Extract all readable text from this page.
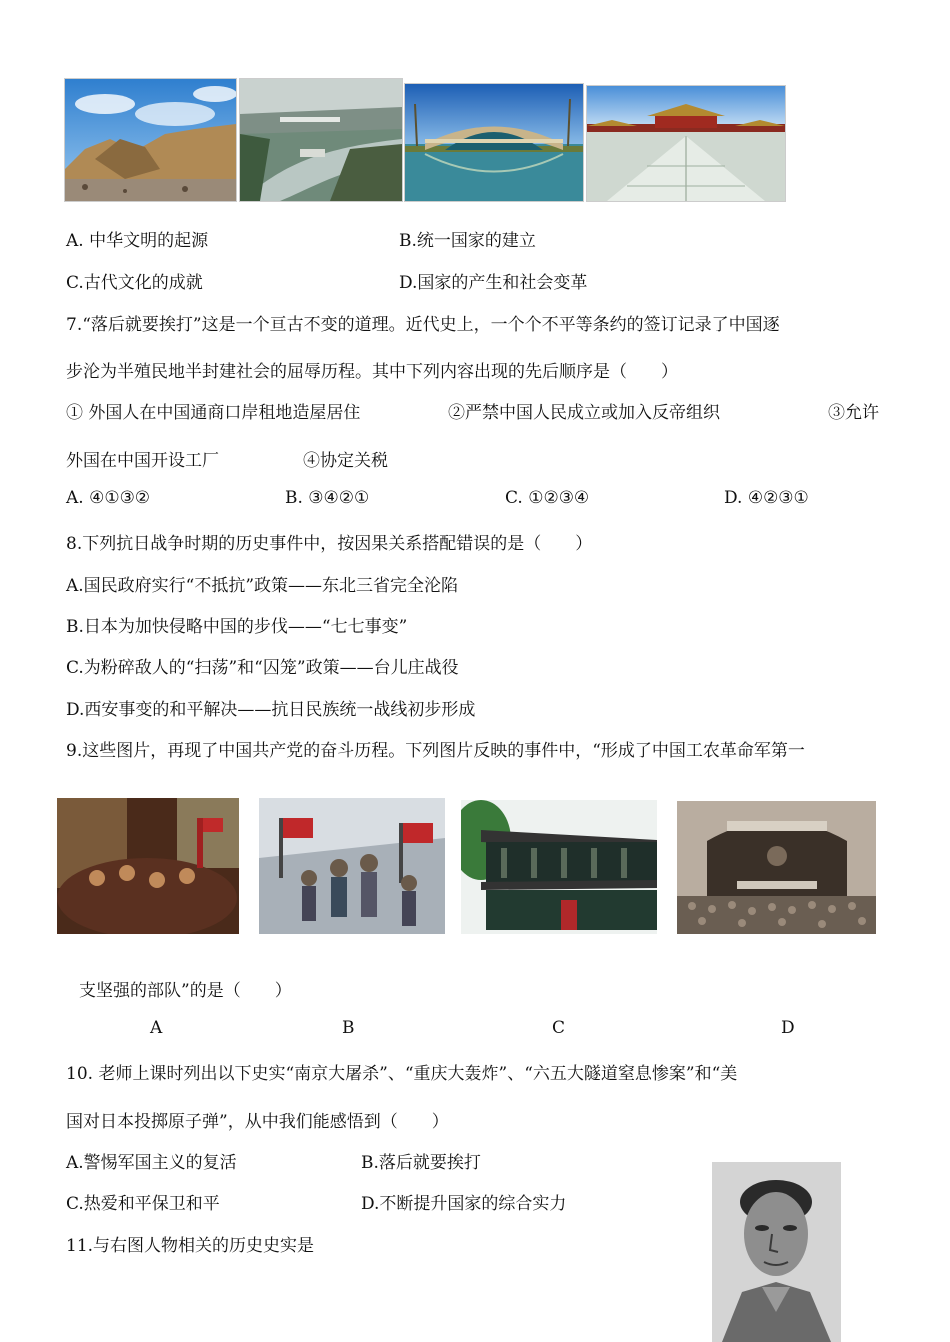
A. 中华文明的起源	B.统一国家的建立
C.古代文化的成就	D.国家的产生和社会变革
7.“落后就要挨打”这是一个亘古不变的道理。近代史上，一个个不平等条约的签订记录了中国逐
步沦为半殖民地半封建社会的屈辱历程。其中下列内容出现的先后顺序是（　　）
① 外国人在中国通商口岸租地造屋居住	②严禁中国人民成立或加入反帝组织	③允许
外国在中国开设工厂	④协定关税
A. ④①③②	B. ③④②①	C. ①②③④	D. ④②③①
8.下列抗日战争时期的历史事件中，按因果关系搭配错误的是（　　）
A.国民政府实行“不抵抗”政策——东北三省完全沦陷
B.日本为加快侵略中国的步伐——“七七事变”
C.为粉碎敌人的“扫荡”和“囚笼”政策——台儿庄战役
D.西安事变的和平解决——抗日民族统一战线初步形成
9.这些图片，再现了中国共产党的奋斗历程。下列图片反映的事件中，“形成了中国工农革命军第一
支坚强的部队”的是（　　）
A	B	C	D
10. 老师上课时列出以下史实“南京大屠杀”、“重庆大轰炸”、“六五大隧道窒息惨案”和“美
国对日本投掷原子弹”，从中我们能感悟到（　　）
A.警惕军国主义的复活	B.落后就要挨打
C.热爱和平保卫和平	D.不断提升国家的综合实力
11.与右图人物相关的历史史实是
